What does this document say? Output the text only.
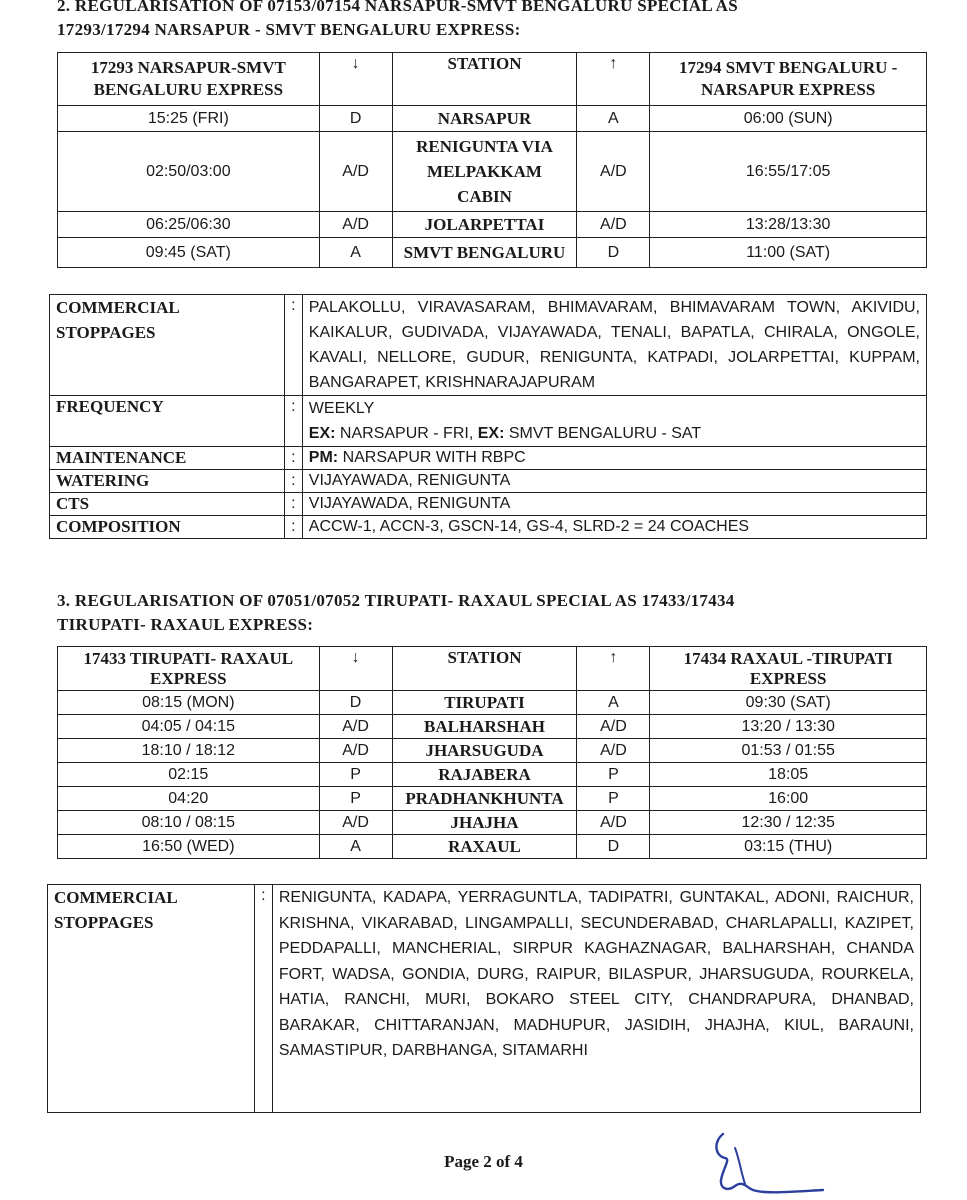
2. REGULARISATION OF 07153/07154 NARSAPUR-SMVT BENGALURU SPECIAL AS
17293/17294 NARSAPUR - SMVT BENGALURU EXPRESS:
17293 NARSAPUR-SMVT BENGALURU EXPRESS	↓	STATION	↑	17294 SMVT BENGALURU - NARSAPUR EXPRESS
15:25 (FRI)	D	NARSAPUR	A	06:00 (SUN)
02:50/03:00	A/D	RENIGUNTA VIA MELPAKKAM CABIN	A/D	16:55/17:05
06:25/06:30	A/D	JOLARPETTAI	A/D	13:28/13:30
09:45 (SAT)	A	SMVT BENGALURU	D	11:00 (SAT)
COMMERCIAL STOPPAGES	:	PALAKOLLU, VIRAVASARAM, BHIMAVARAM, BHIMAVARAM TOWN, AKIVIDU, KAIKALUR, GUDIVADA, VIJAYAWADA, TENALI, BAPATLA, CHIRALA, ONGOLE, KAVALI, NELLORE, GUDUR, RENIGUNTA, KATPADI, JOLARPETTAI, KUPPAM, BANGARAPET, KRISHNARAJAPURAM
FREQUENCY	:	WEEKLY
EX: NARSAPUR - FRI, EX: SMVT BENGALURU - SAT

MAINTENANCE	:	PM: NARSAPUR WITH RBPC
WATERING	:	VIJAYAWADA, RENIGUNTA
CTS	:	VIJAYAWADA, RENIGUNTA
COMPOSITION	:	ACCW-1, ACCN-3, GSCN-14, GS-4, SLRD-2 = 24 COACHES
3. REGULARISATION OF 07051/07052 TIRUPATI- RAXAUL SPECIAL AS 17433/17434
TIRUPATI- RAXAUL EXPRESS:
17433 TIRUPATI- RAXAUL EXPRESS	↓	STATION	↑	17434 RAXAUL -TIRUPATI EXPRESS
08:15 (MON)	D	TIRUPATI	A	09:30 (SAT)
04:05 / 04:15	A/D	BALHARSHAH	A/D	13:20 / 13:30
18:10 / 18:12	A/D	JHARSUGUDA	A/D	01:53 / 01:55
02:15	P	RAJABERA	P	18:05
04:20	P	PRADHANKHUNTA	P	16:00
08:10 / 08:15	A/D	JHAJHA	A/D	12:30 / 12:35
16:50 (WED)	A	RAXAUL	D	03:15 (THU)
COMMERCIAL STOPPAGES	:	RENIGUNTA, KADAPA, YERRAGUNTLA, TADIPATRI, GUNTAKAL, ADONI, RAICHUR, KRISHNA, VIKARABAD, LINGAMPALLI, SECUNDERABAD, CHARLAPALLI, KAZIPET, PEDDAPALLI, MANCHERIAL, SIRPUR KAGHAZNAGAR, BALHARSHAH, CHANDA FORT, WADSA, GONDIA, DURG, RAIPUR, BILASPUR, JHARSUGUDA, ROURKELA, HATIA, RANCHI, MURI, BOKARO STEEL CITY, CHANDRAPURA, DHANBAD, BARAKAR, CHITTARANJAN, MADHUPUR, JASIDIH, JHAJHA, KIUL, BARAUNI, SAMASTIPUR, DARBHANGA, SITAMARHI
Page 2 of 4
